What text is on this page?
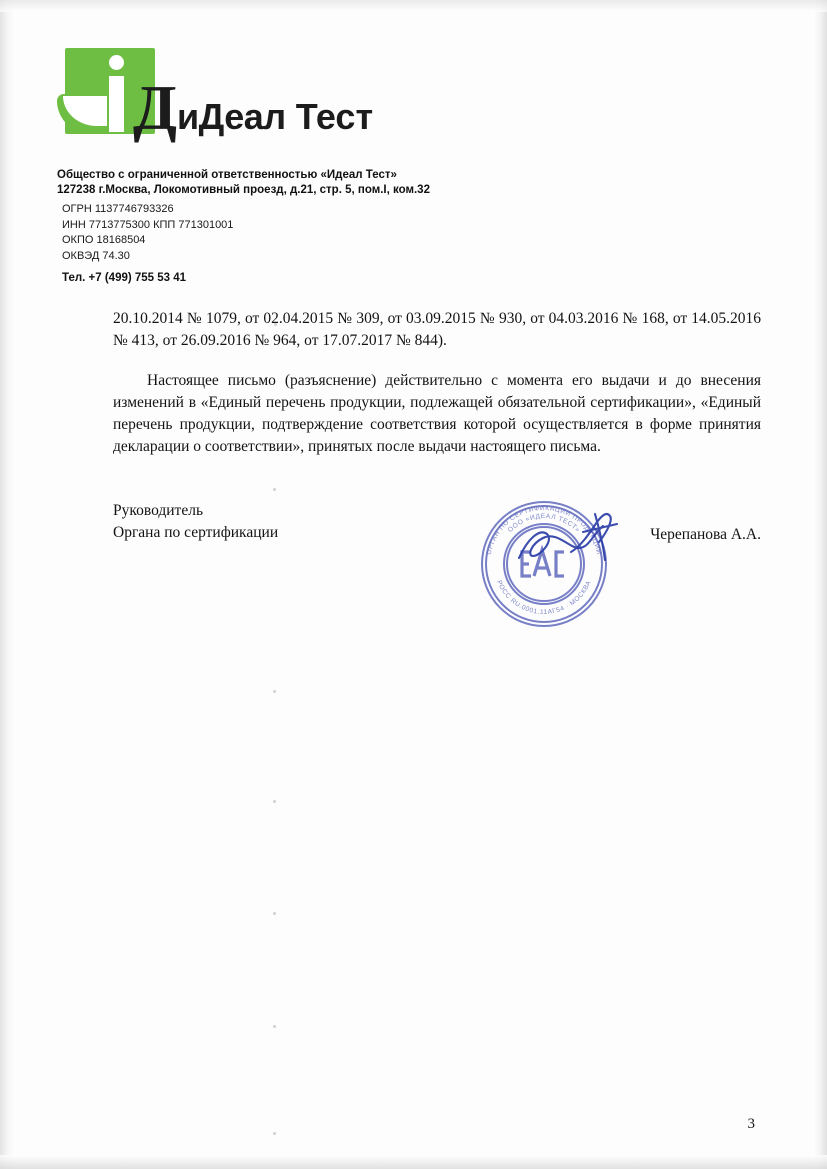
ДиДеал Тест
Общество с ограниченной ответственностью «Идеал Тест»
127238 г.Москва, Локомотивный проезд, д.21, стр. 5, пом.I, ком.32
ОГРН 1137746793326
ИНН 7713775300 КПП 771301001
ОКПО 18168504
ОКВЭД 74.30
Тел. +7 (499) 755 53 41

20.10.2014 № 1079, от 02.04.2015 № 309, от 03.09.2015 № 930, от 04.03.2016 № 168, от 14.05.2016 № 413, от 26.09.2016 № 964, от 17.07.2017 № 844).

Настоящее письмо (разъяснение) действительно с момента его выдачи и до внесения изменений в «Единый перечень продукции, подлежащей обязательной сертификации», «Единый перечень продукции, подтверждение соответствия которой осуществляется в форме принятия декларации о соответствии», принятых после выдачи настоящего письма.

Руководитель
Органа по сертификации	Черепанова А.А.
ОРГАН ПО СЕРТИФИКАЦИИ ПРОДУКЦИИ
ООО «ИДЕАЛ ТЕСТ»
РОСС RU.0001.11АГ54 · МОСКВА
3
